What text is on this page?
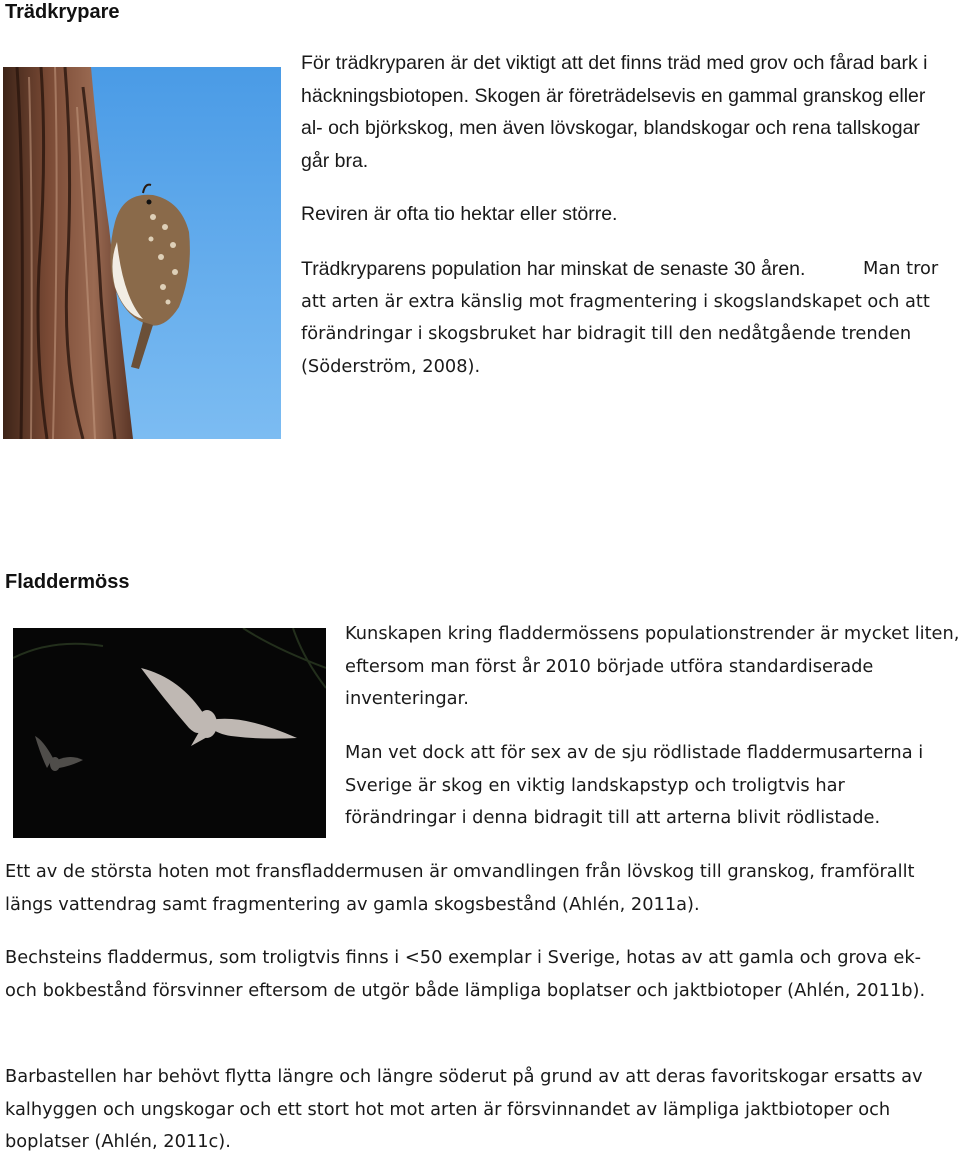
Trädkrypare

För trädkryparen är det viktigt att det finns träd med grov och fårad bark i häckningsbiotopen. Skogen är företrädelsevis en gammal granskog eller al- och björkskog, men även lövskogar, blandskogar och rena tallskogar går bra.

Reviren är ofta tio hektar eller större.

Trädkryparens population har minskat de senaste 30 åren.	Man tror att arten är extra känslig mot fragmentering i skogslandskapet och att förändringar i skogsbruket har bidragit till den nedåtgående trenden (Söderström, 2008).

Fladdermöss

Kunskapen kring fladdermössens populationstrender är mycket liten, eftersom man först år 2010 började utföra standardiserade inventeringar.

Man vet dock att för sex av de sju rödlistade fladdermusarterna i Sverige är skog en viktig landskapstyp och troligtvis har förändringar i denna bidragit till att arterna blivit rödlistade.

Ett av de största hoten mot fransfladdermusen är omvandlingen från lövskog till granskog, framförallt längs vattendrag samt fragmentering av gamla skogsbestånd (Ahlén, 2011a).

Bechsteins fladdermus, som troligtvis finns i <50 exemplar i Sverige, hotas av att gamla och grova ek- och bokbestånd försvinner eftersom de utgör både lämpliga boplatser och jaktbiotoper (Ahlén, 2011b).

Barbastellen har behövt flytta längre och längre söderut på grund av att deras favoritskogar ersatts av kalhyggen och ungskogar och ett stort hot mot arten är försvinnandet av lämpliga jaktbiotoper och boplatser (Ahlén, 2011c).
